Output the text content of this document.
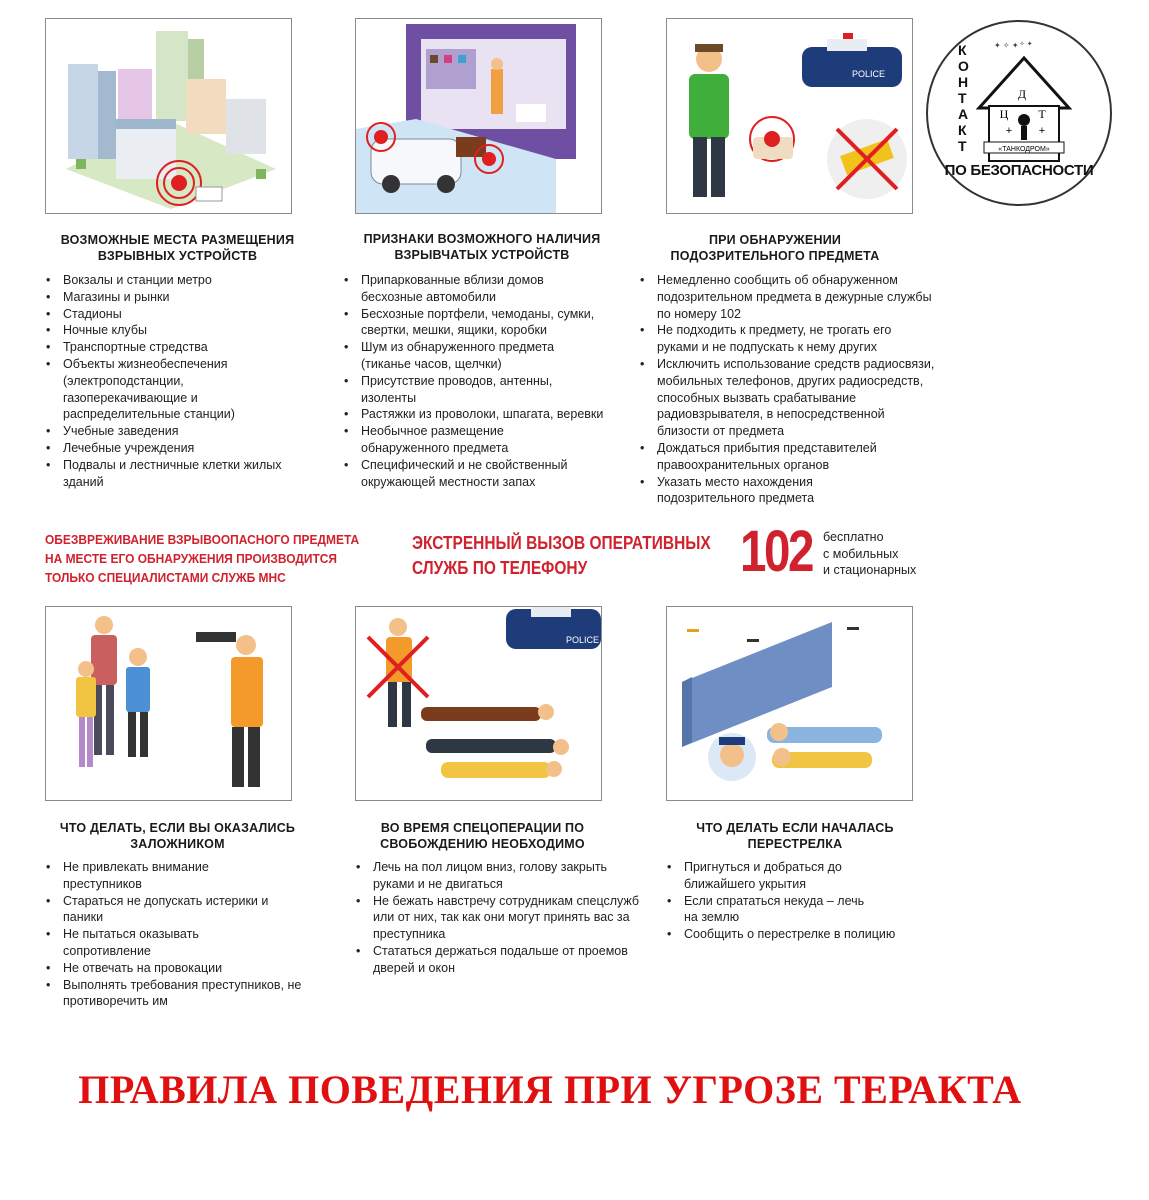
POLICE
Д
Ц Т
+ +
«ТАНКОДРОМ»
✦ ✧ ✦ ✧ ✦
КОНТАКТ
ПО БЕЗОПАСНОСТИ
ВОЗМОЖНЫЕ МЕСТА РАЗМЕЩЕНИЯ ВЗРЫВНЫХ УСТРОЙСТВ
• Вокзалы и станции метро
• Магазины и рынки
• Стадионы
• Ночные клубы
• Транспортные стредства
• Объекты жизнеобеспечения (электроподстанции, газоперекачивающие и распределительные станции)
• Учебные заведения
• Лечебные учреждения
• Подвалы и лестничные клетки жилых зданий
ПРИЗНАКИ ВОЗМОЖНОГО НАЛИЧИЯ ВЗРЫВЧАТЫХ УСТРОЙСТВ
• Припаркованные вблизи домов бесхозные автомобили
• Бесхозные портфели, чемоданы, сумки, свертки, мешки, ящики, коробки
• Шум из обнаруженного предмета (тиканье часов, щелчки)
• Присутствие проводов, антенны, изоленты
• Растяжки из проволоки, шпагата, веревки
• Необычное размещение обнаруженного предмета
• Специфический и не свойственный окружающей местности запах
ПРИ ОБНАРУЖЕНИИ ПОДОЗРИТЕЛЬНОГО ПРЕДМЕТА
• Немедленно сообщить об обнаруженном подозрительном предмета в дежурные службы по номеру 102
• Не подходить к предмету, не трогать его руками и не подпускать к нему других
• Исключить использование средств радиосвязи, мобильных телефонов, других радиосредств, способных вызвать срабатывание радиовзрывателя, в непосредственной близости от предмета
• Дождаться прибытия представителей правоохранительных органов
• Указать место нахождения подозрительного предмета
ОБЕЗВРЕЖИВАНИЕ ВЗРЫВООПАСНОГО ПРЕДМЕТА
НА МЕСТЕ ЕГО ОБНАРУЖЕНИЯ ПРОИЗВОДИТСЯ
ТОЛЬКО СПЕЦИАЛИСТАМИ СЛУЖБ МНС
ЭКСТРЕННЫЙ ВЫЗОВ ОПЕРАТИВНЫХ
СЛУЖБ ПО ТЕЛЕФОНУ	102 бесплатно
с мобильных
и стационарных
POLICE
ЧТО ДЕЛАТЬ, ЕСЛИ ВЫ ОКАЗАЛИСЬ ЗАЛОЖНИКОМ
• Не привлекать внимание преступников
• Стараться не допускать истерики и паники
• Не пытаться оказывать сопротивление
• Не отвечать на провокации
• Выполнять требования преступников, не противоречить им
ВО ВРЕМЯ СПЕЦОПЕРАЦИИ ПО СВОБОЖДЕНИЮ НЕОБХОДИМО
• Лечь на пол лицом вниз, голову закрыть руками и не двигаться
• Не бежать навстречу сотрудникам спецслужб или от них, так как они могут принять вас за преступника
• Стататься держаться подальше от проемов дверей и окон
ЧТО ДЕЛАТЬ ЕСЛИ НАЧАЛАСЬ ПЕРЕСТРЕЛКА
• Пригнуться и добраться до ближайшего укрытия
• Если спрататься некуда – лечь на землю
• Сообщить о перестрелке в полицию
ПРАВИЛА ПОВЕДЕНИЯ ПРИ УГРОЗЕ ТЕРАКТА
